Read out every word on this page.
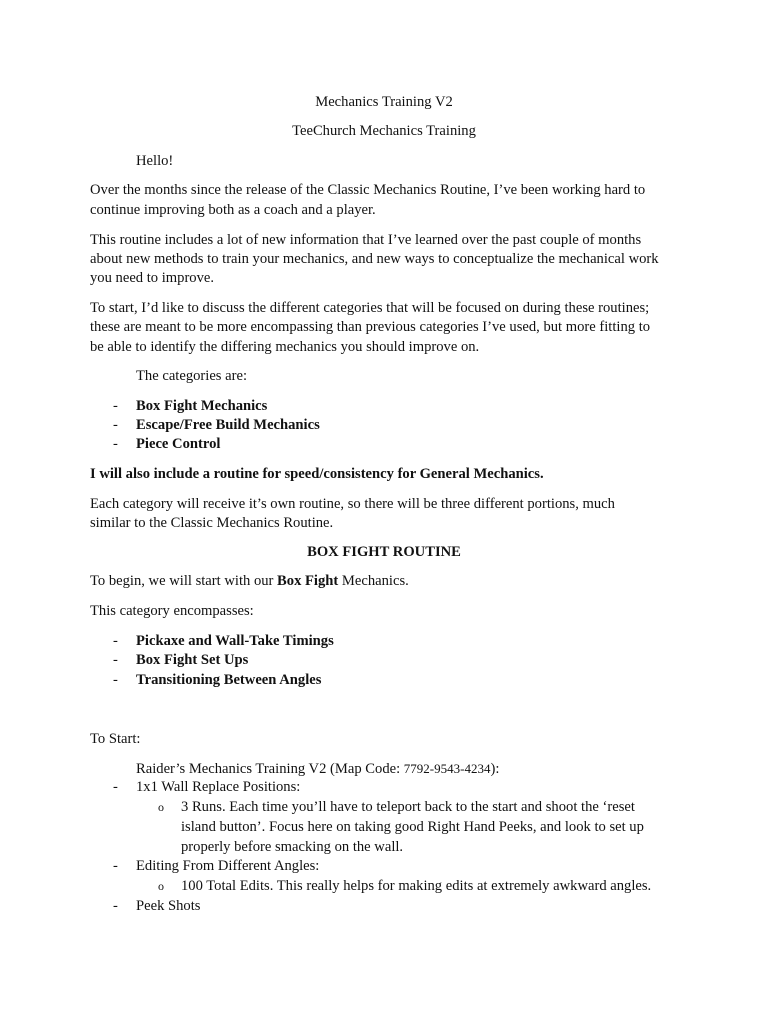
Mechanics Training V2
TeeChurch Mechanics Training
Hello!
Over the months since the release of the Classic Mechanics Routine, I’ve been working hard to
continue improving both as a coach and a player.
This routine includes a lot of new information that I’ve learned over the past couple of months
about new methods to train your mechanics, and new ways to conceptualize the mechanical work
you need to improve.
To start, I’d like to discuss the different categories that will be focused on during these routines;
these are meant to be more encompassing than previous categories I’ve used, but more fitting to
be able to identify the differing mechanics you should improve on.
The categories are:
- Box Fight Mechanics
- Escape/Free Build Mechanics
- Piece Control
I will also include a routine for speed/consistency for General Mechanics.
Each category will receive it’s own routine, so there will be three different portions, much
similar to the Classic Mechanics Routine.
BOX FIGHT ROUTINE
To begin, we will start with our Box Fight Mechanics.
This category encompasses:
- Pickaxe and Wall-Take Timings
- Box Fight Set Ups
- Transitioning Between Angles
To Start:
Raider’s Mechanics Training V2 (Map Code: 7792-9543-4234):
- 1x1 Wall Replace Positions:
o 3 Runs. Each time you’ll have to teleport back to the start and shoot the ‘reset
island button’. Focus here on taking good Right Hand Peeks, and look to set up
properly before smacking on the wall.
- Editing From Different Angles:
o 100 Total Edits. This really helps for making edits at extremely awkward angles.
- Peek Shots
